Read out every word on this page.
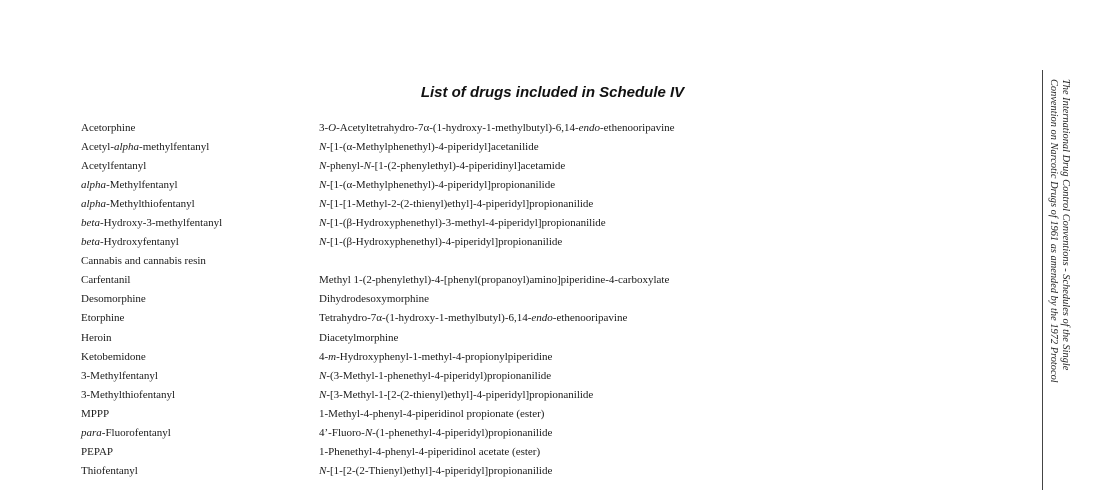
List of drugs included in Schedule IV
Acetorphine	3-O-Acetyltetrahydro-7α-(1-hydroxy-1-methylbutyl)-6,14-endo-ethenooripavine
Acetyl-alpha-methylfentanyl	N-[1-(α-Methylphenethyl)-4-piperidyl]acetanilide
Acetylfentanyl	N-phenyl-N-[1-(2-phenylethyl)-4-piperidinyl]acetamide
alpha-Methylfentanyl	N-[1-(α-Methylphenethyl)-4-piperidyl]propionanilide
alpha-Methylthiofentanyl	N-[1-[1-Methyl-2-(2-thienyl)ethyl]-4-piperidyl]propionanilide
beta-Hydroxy-3-methylfentanyl	N-[1-(β-Hydroxyphenethyl)-3-methyl-4-piperidyl]propionanilide
beta-Hydroxyfentanyl	N-[1-(β-Hydroxyphenethyl)-4-piperidyl]propionanilide
Cannabis and cannabis resin
Carfentanil	Methyl 1-(2-phenylethyl)-4-[phenyl(propanoyl)amino]piperidine-4-carboxylate
Desomorphine	Dihydrodesoxymorphine
Etorphine	Tetrahydro-7α-(1-hydroxy-1-methylbutyl)-6,14-endo-ethenooripavine
Heroin	Diacetylmorphine
Ketobemidone	4-m-Hydroxyphenyl-1-methyl-4-propionylpiperidine
3-Methylfentanyl	N-(3-Methyl-1-phenethyl-4-piperidyl)propionanilide
3-Methylthiofentanyl	N-[3-Methyl-1-[2-(2-thienyl)ethyl]-4-piperidyl]propionanilide
MPPP	1-Methyl-4-phenyl-4-piperidinol propionate (ester)
para-Fluorofentanyl	4’-Fluoro-N-(1-phenethyl-4-piperidyl)propionanilide
PEPAP	1-Phenethyl-4-phenyl-4-piperidinol acetate (ester)
Thiofentanyl	N-[1-[2-(2-Thienyl)ethyl]-4-piperidyl]propionanilide
The International Drug Control Conventions - Schedules of the Single
Convention on Narcotic Drugs of 1961 as amended by the 1972 Protocol
